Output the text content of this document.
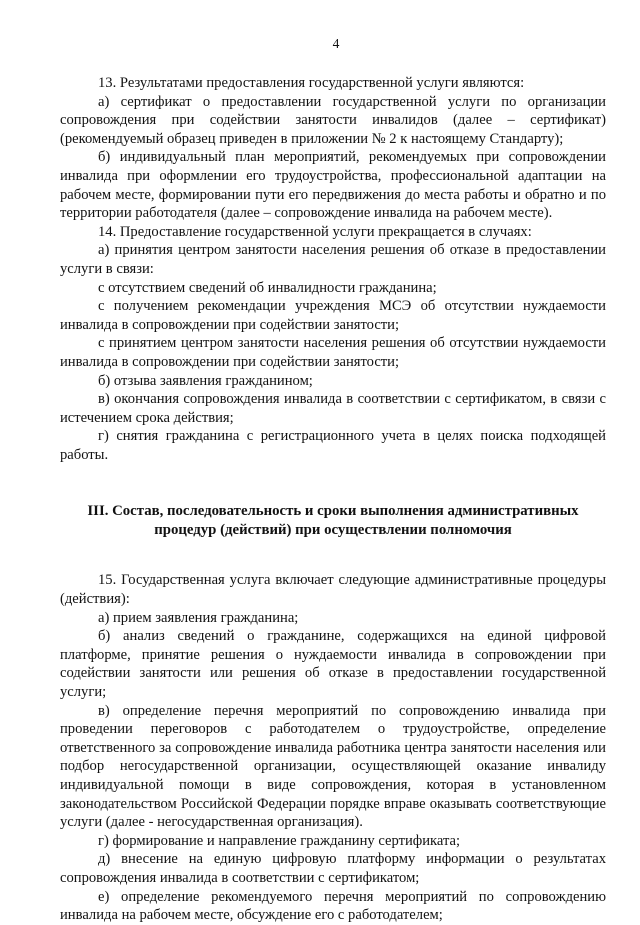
4

13. Результатами предоставления государственной услуги являются:

а) сертификат о предоставлении государственной услуги по организации сопровождения при содействии занятости инвалидов (далее – сертификат) (рекомендуемый образец приведен в приложении № 2 к настоящему Стандарту);

б) индивидуальный план мероприятий, рекомендуемых при сопровождении инвалида при оформлении его трудоустройства, профессиональной адаптации на рабочем месте, формировании пути его передвижения до места работы и обратно и по территории работодателя (далее – сопровождение инвалида на рабочем месте).

14. Предоставление государственной услуги прекращается в случаях:

а) принятия центром занятости населения решения об отказе в предоставлении услуги в связи:

с отсутствием сведений об инвалидности гражданина;

с получением рекомендации учреждения МСЭ об отсутствии нуждаемости инвалида в сопровождении при содействии занятости;

с принятием центром занятости населения решения об отсутствии нуждаемости инвалида в сопровождении при содействии занятости;

б) отзыва заявления гражданином;

в) окончания сопровождения инвалида в соответствии с сертификатом, в связи с истечением срока действия;

г) снятия гражданина с регистрационного учета в целях поиска подходящей работы.

III. Состав, последовательность и сроки выполнения административных процедур (действий) при осуществлении полномочия

15. Государственная услуга включает следующие административные процедуры (действия):

а) прием заявления гражданина;

б) анализ сведений о гражданине, содержащихся на единой цифровой платформе, принятие решения о нуждаемости инвалида в сопровождении при содействии занятости или решения об отказе в предоставлении государственной услуги;

в) определение перечня мероприятий по сопровождению инвалида при проведении переговоров с работодателем о трудоустройстве, определение ответственного за сопровождение инвалида работника центра занятости населения или подбор негосударственной организации, осуществляющей оказание инвалиду индивидуальной помощи в виде сопровождения, которая в установленном законодательством Российской Федерации порядке вправе оказывать соответствующие услуги (далее - негосударственная организация).

г) формирование и направление гражданину сертификата;

д) внесение на единую цифровую платформу информации о результатах сопровождения инвалида в соответствии с сертификатом;

е) определение рекомендуемого перечня мероприятий по сопровождению инвалида на рабочем месте, обсуждение его с работодателем;
